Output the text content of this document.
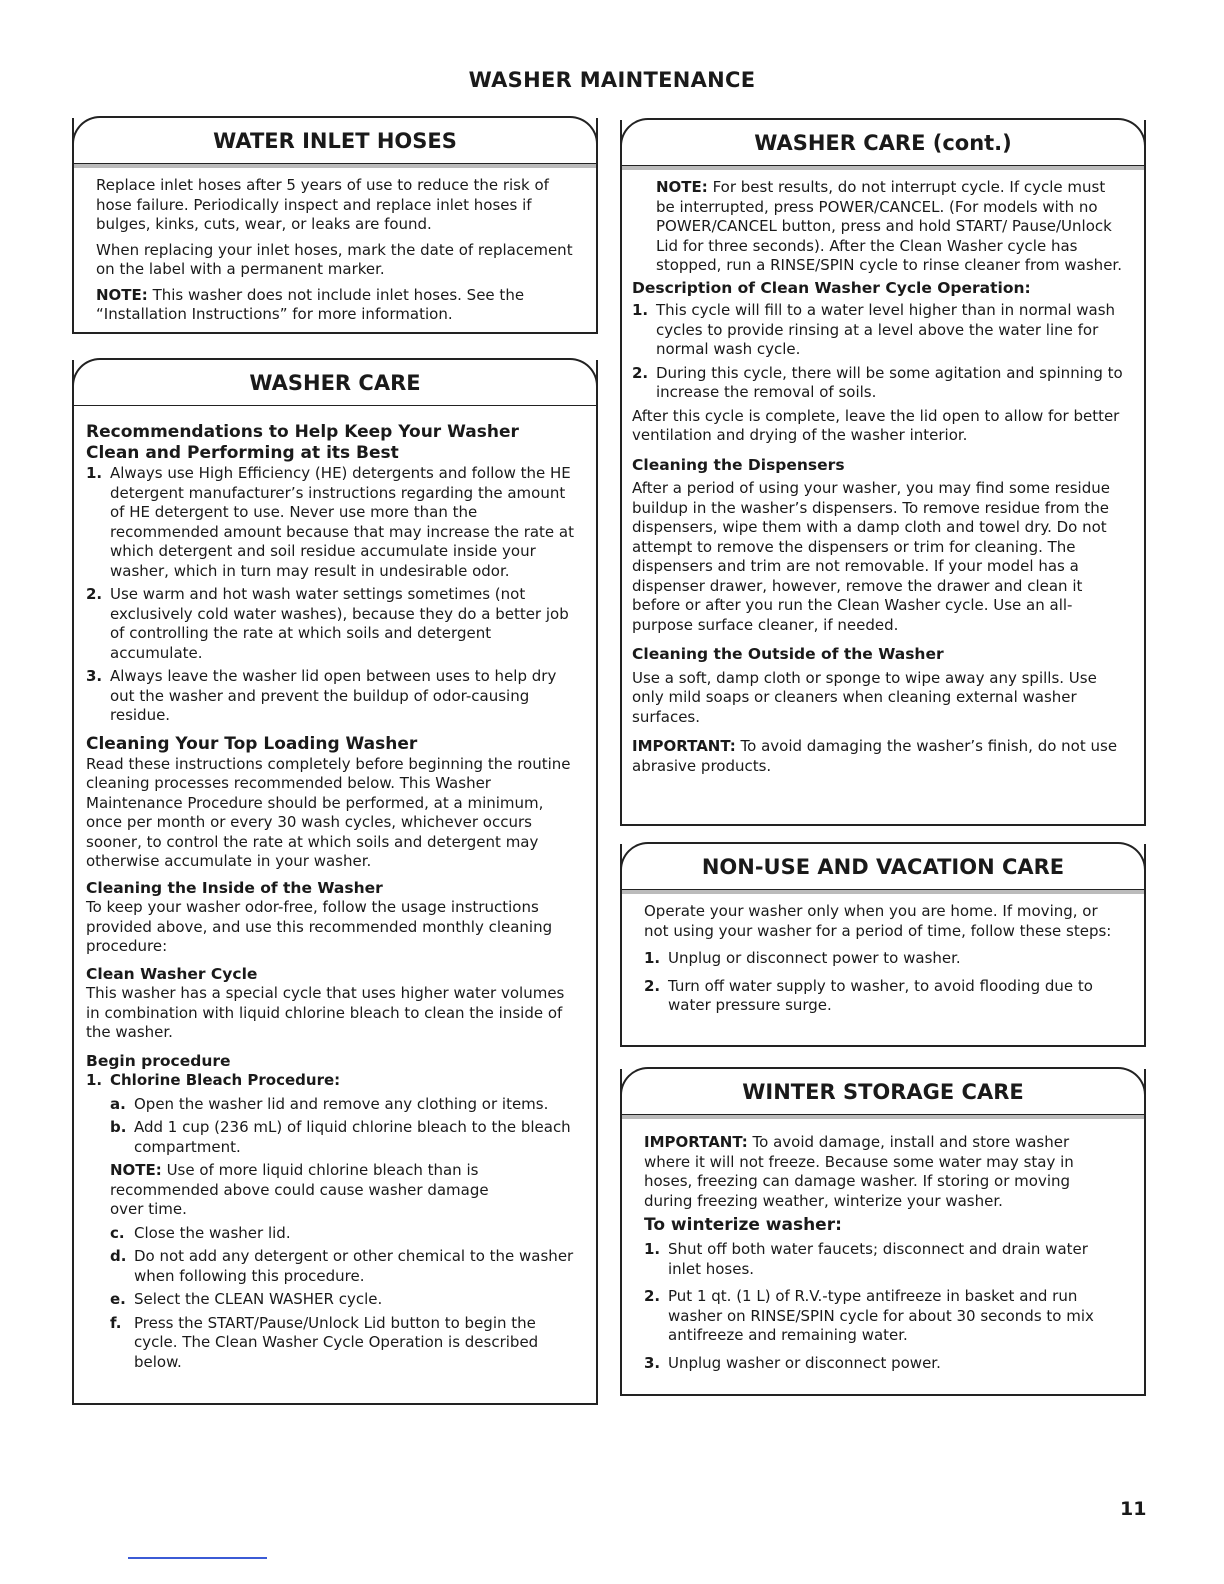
WASHER MAINTENANCE
WATER INLET HOSES

Replace inlet hoses after 5 years of use to reduce the risk of hose failure. Periodically inspect and replace inlet hoses if bulges, kinks, cuts, wear, or leaks are found.

When replacing your inlet hoses, mark the date of replacement on the label with a permanent marker.

NOTE: This washer does not include inlet hoses. See the “Installation Instructions” for more information.

WASHER CARE

Recommendations to Help Keep Your Washer Clean and Performing at its Best

1. Always use High Efficiency (HE) detergents and follow the HE detergent manufacturer’s instructions regarding the amount of HE detergent to use. Never use more than the recommended amount because that may increase the rate at which detergent and soil residue accumulate inside your washer, which in turn may result in undesirable odor.
2. Use warm and hot wash water settings sometimes (not exclusively cold water washes), because they do a better job of controlling the rate at which soils and detergent accumulate.
3. Always leave the washer lid open between uses to help dry out the washer and prevent the buildup of odor-causing residue.

Cleaning Your Top Loading Washer

Read these instructions completely before beginning the routine cleaning processes recommended below. This Washer Maintenance Procedure should be performed, at a minimum, once per month or every 30 wash cycles, whichever occurs sooner, to control the rate at which soils and detergent may otherwise accumulate in your washer.

Cleaning the Inside of the Washer

To keep your washer odor-free, follow the usage instructions provided above, and use this recommended monthly cleaning procedure:

Clean Washer Cycle

This washer has a special cycle that uses higher water volumes in combination with liquid chlorine bleach to clean the inside of the washer.

Begin procedure

1. Chlorine Bleach Procedure:
a. Open the washer lid and remove any clothing or items.
b. Add 1 cup (236 mL) of liquid chlorine bleach to the bleach compartment.

NOTE: Use of more liquid chlorine bleach than is recommended above could cause washer damage over time.

c. Close the washer lid.
d. Do not add any detergent or other chemical to the washer when following this procedure.
e. Select the CLEAN WASHER cycle.
f. Press the START/Pause/Unlock Lid button to begin the cycle. The Clean Washer Cycle Operation is described below.
WASHER CARE (cont.)

NOTE: For best results, do not interrupt cycle. If cycle must be interrupted, press POWER/CANCEL. (For models with no POWER/CANCEL button, press and hold START/ Pause/Unlock Lid for three seconds). After the Clean Washer cycle has stopped, run a RINSE/SPIN cycle to rinse cleaner from washer.

Description of Clean Washer Cycle Operation:

1. This cycle will fill to a water level higher than in normal wash cycles to provide rinsing at a level above the water line for normal wash cycle.
2. During this cycle, there will be some agitation and spinning to increase the removal of soils.

After this cycle is complete, leave the lid open to allow for better ventilation and drying of the washer interior.

Cleaning the Dispensers

After a period of using your washer, you may find some residue buildup in the washer’s dispensers. To remove residue from the dispensers, wipe them with a damp cloth and towel dry. Do not attempt to remove the dispensers or trim for cleaning. The dispensers and trim are not removable. If your model has a dispenser drawer, however, remove the drawer and clean it before or after you run the Clean Washer cycle. Use an all-purpose surface cleaner, if needed.

Cleaning the Outside of the Washer

Use a soft, damp cloth or sponge to wipe away any spills. Use only mild soaps or cleaners when cleaning external washer surfaces.

IMPORTANT: To avoid damaging the washer’s finish, do not use abrasive products.

NON-USE AND VACATION CARE

Operate your washer only when you are home. If moving, or not using your washer for a period of time, follow these steps:

1. Unplug or disconnect power to washer.
2. Turn off water supply to washer, to avoid flooding due to water pressure surge.
WINTER STORAGE CARE

IMPORTANT: To avoid damage, install and store washer where it will not freeze. Because some water may stay in hoses, freezing can damage washer. If storing or moving during freezing weather, winterize your washer.

To winterize washer:

1. Shut off both water faucets; disconnect and drain water inlet hoses.
2. Put 1 qt. (1 L) of R.V.-type antifreeze in basket and run washer on RINSE/SPIN cycle for about 30 seconds to mix antifreeze and remaining water.
3. Unplug washer or disconnect power.
11
